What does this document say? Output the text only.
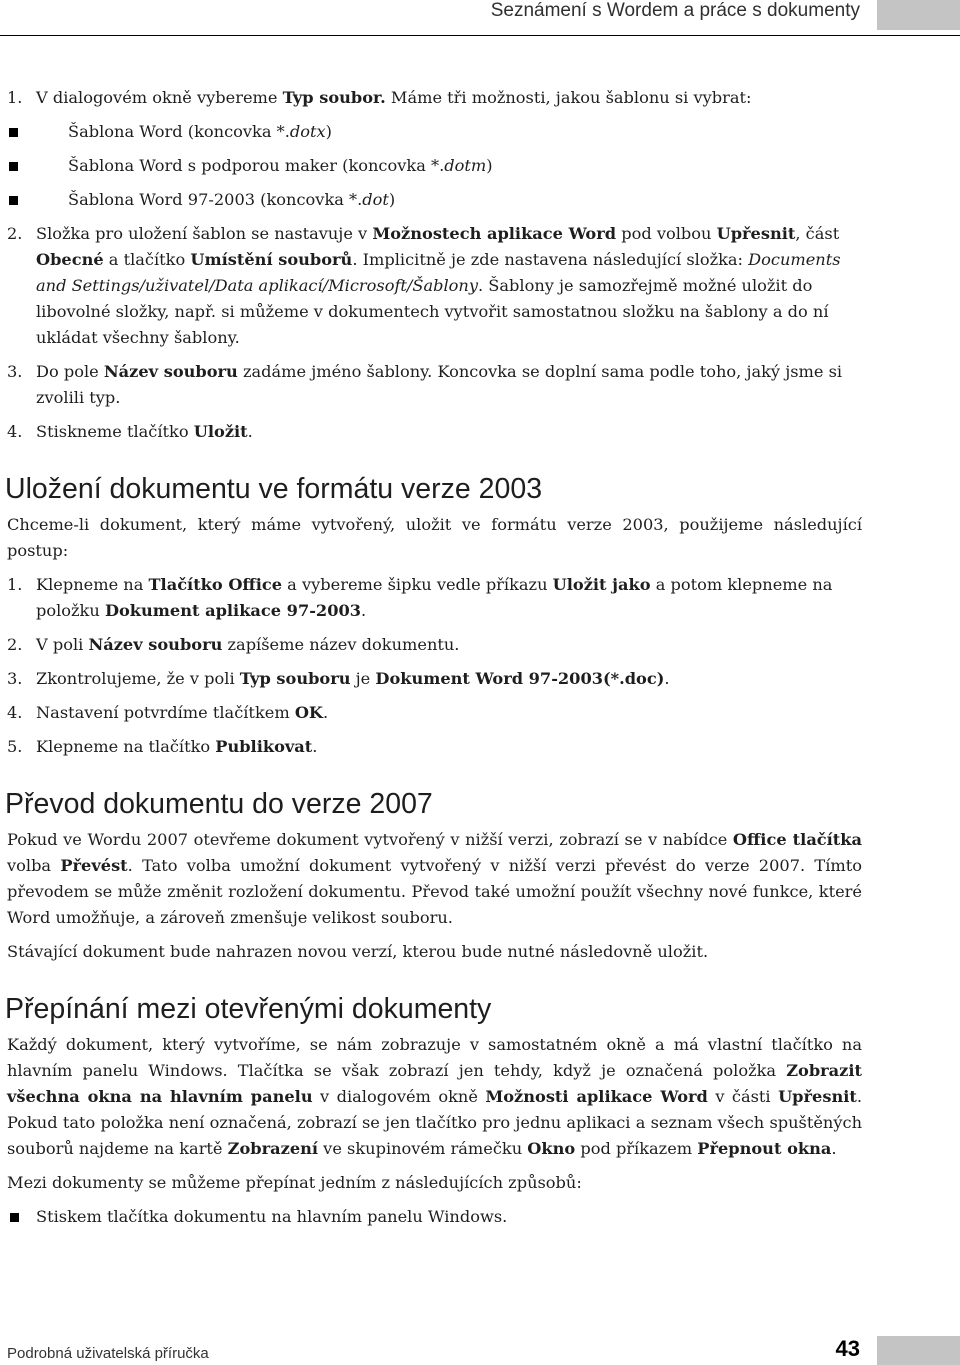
Seznámení s Wordem a práce s dokumenty
1. V dialogovém okně vybereme Typ soubor. Máme tři možnosti, jakou šablonu si vybrat:
Šablona Word (koncovka *.dotx)
Šablona Word s podporou maker (koncovka *.dotm)
Šablona Word 97-2003 (koncovka *.dot)
2. Složka pro uložení šablon se nastavuje v Možnostech aplikace Word pod volbou Upřesnit, část Obecné a tlačítko Umístění souborů. Implicitně je zde nastavena následující složka: Documents and Settings/uživatel/Data aplikací/Microsoft/Šablony. Šablony je samozřejmě možné uložit do libovolné složky, např. si můžeme v dokumentech vytvořit samostatnou složku na šablony a do ní ukládat všechny šablony.
3. Do pole Název souboru zadáme jméno šablony. Koncovka se doplní sama podle toho, jaký jsme si zvolili typ.
4. Stiskneme tlačítko Uložit.
Uložení dokumentu ve formátu verze 2003
Chceme-li dokument, který máme vytvořený, uložit ve formátu verze 2003, použijeme následující postup:
1. Klepneme na Tlačítko Office a vybereme šipku vedle příkazu Uložit jako a potom klepneme na položku Dokument aplikace 97-2003.
2. V poli Název souboru zapíšeme název dokumentu.
3. Zkontrolujeme, že v poli Typ souboru je Dokument Word 97-2003(*.doc).
4. Nastavení potvrdíme tlačítkem OK.
5. Klepneme na tlačítko Publikovat.
Převod dokumentu do verze 2007
Pokud ve Wordu 2007 otevřeme dokument vytvořený v nižší verzi, zobrazí se v nabídce Office tlačítka volba Převést. Tato volba umožní dokument vytvořený v nižší verzi převést do verze 2007. Tímto převodem se může změnit rozložení dokumentu. Převod také umožní použít všechny nové funkce, které Word umožňuje, a zároveň zmenšuje velikost souboru.
Stávající dokument bude nahrazen novou verzí, kterou bude nutné následovně uložit.
Přepínání mezi otevřenými dokumenty
Každý dokument, který vytvoříme, se nám zobrazuje v samostatném okně a má vlastní tlačítko na hlavním panelu Windows. Tlačítka se však zobrazí jen tehdy, když je označená položka Zobrazit všechna okna na hlavním panelu v dialogovém okně Možnosti aplikace Word v části Upřesnit. Pokud tato položka není označená, zobrazí se jen tlačítko pro jednu aplikaci a seznam všech spuštěných souborů najdeme na kartě Zobrazení ve skupinovém rámečku Okno pod příkazem Přepnout okna.
Mezi dokumenty se můžeme přepínat jedním z následujících způsobů:
Stiskem tlačítka dokumentu na hlavním panelu Windows.
Podrobná uživatelská příručka	43
